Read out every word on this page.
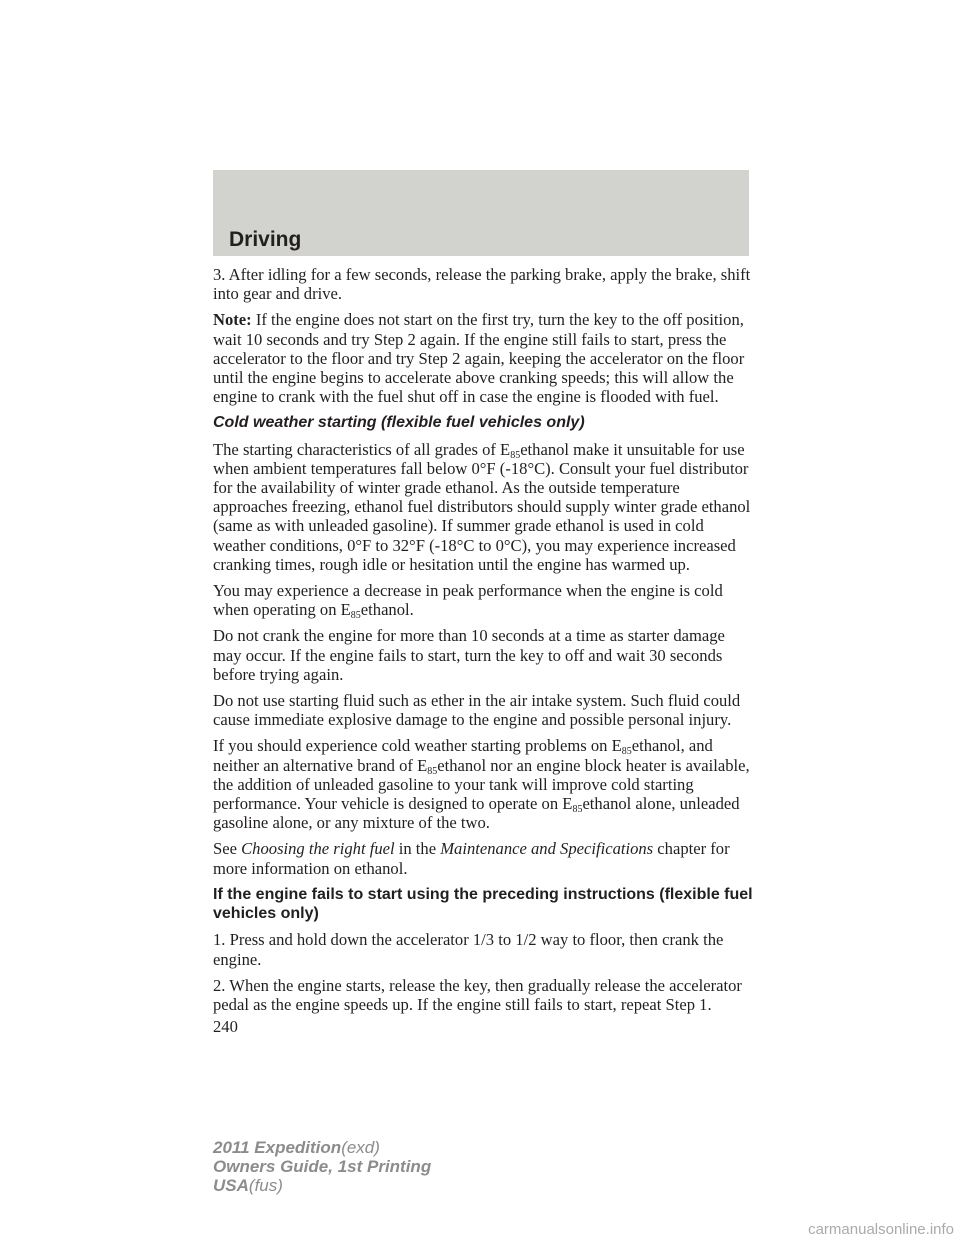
Driving

3. After idling for a few seconds, release the parking brake, apply the brake, shift into gear and drive.

Note: If the engine does not start on the first try, turn the key to the off position, wait 10 seconds and try Step 2 again. If the engine still fails to start, press the accelerator to the floor and try Step 2 again, keeping the accelerator on the floor until the engine begins to accelerate above cranking speeds; this will allow the engine to crank with the fuel shut off in case the engine is flooded with fuel.

Cold weather starting (flexible fuel vehicles only)

The starting characteristics of all grades of $E_{85}ethanol$ make it unsuitable for use when ambient temperatures fall below 0°F (-18°C). Consult your fuel distributor for the availability of winter grade ethanol. As the outside temperature approaches freezing, ethanol fuel distributors should supply winter grade ethanol (same as with unleaded gasoline). If summer grade ethanol is used in cold weather conditions, 0°F to 32°F (-18°C to 0°C), you may experience increased cranking times, rough idle or hesitation until the engine has warmed up.

You may experience a decrease in peak performance when the engine is cold when operating on $E_{85}ethanol$.

Do not crank the engine for more than 10 seconds at a time as starter damage may occur. If the engine fails to start, turn the key to off and wait 30 seconds before trying again.

Do not use starting fluid such as ether in the air intake system. Such fluid could cause immediate explosive damage to the engine and possible personal injury.

If you should experience cold weather starting problems on $E_{85}ethanol$, and neither an alternative brand of $E_{85}ethanol$ nor an engine block heater is available, the addition of unleaded gasoline to your tank will improve cold starting performance. Your vehicle is designed to operate on $E_{85}ethanol$ alone, unleaded gasoline alone, or any mixture of the two.

See Choosing the right fuel in the Maintenance and Specifications chapter for more information on ethanol.

If the engine fails to start using the preceding instructions (flexible fuel vehicles only)

1. Press and hold down the accelerator 1/3 to 1/2 way to floor, then crank the engine.

2. When the engine starts, release the key, then gradually release the accelerator pedal as the engine speeds up. If the engine still fails to start, repeat Step 1.

240
2011 Expedition(exd)
Owners Guide, 1st Printing
USA(fus)
carmanualsonline.info
